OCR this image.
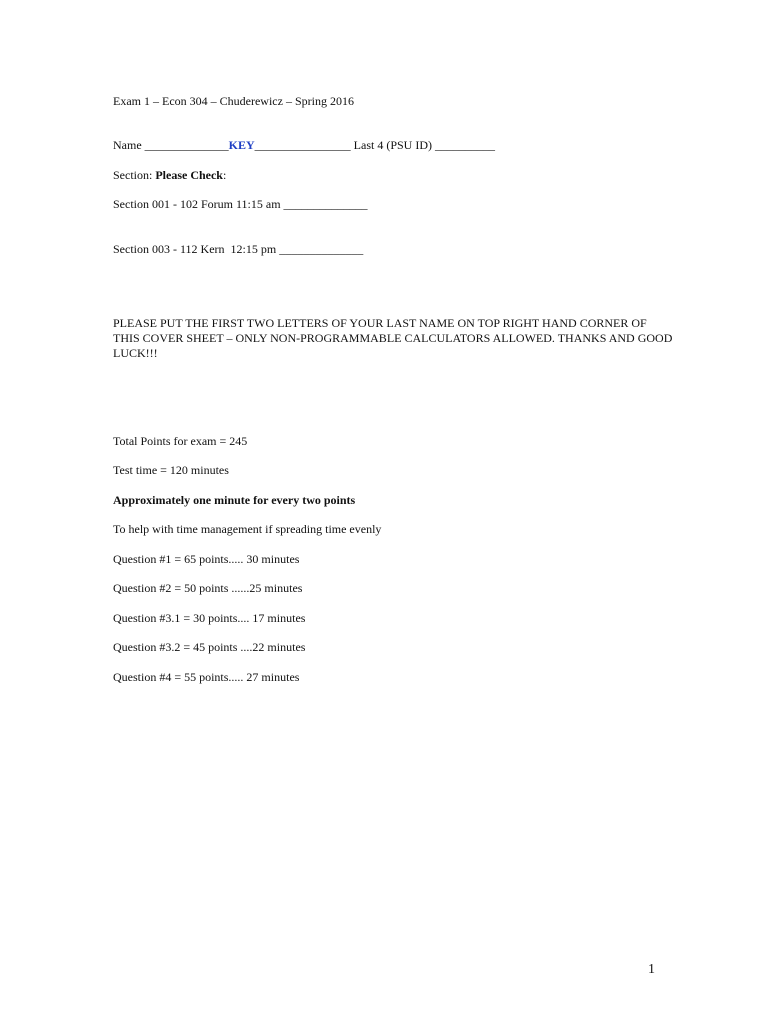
Exam 1 – Econ 304 – Chuderewicz – Spring 2016
Name ______________KEY________________ Last 4 (PSU ID) __________
Section: Please Check:
Section 001 - 102 Forum 11:15 am ______________
Section 003 - 112 Kern  12:15 pm ______________
PLEASE PUT THE FIRST TWO LETTERS OF YOUR LAST NAME ON TOP RIGHT HAND CORNER OF THIS COVER SHEET – ONLY NON-PROGRAMMABLE CALCULATORS ALLOWED. THANKS AND GOOD LUCK!!!
Total Points for exam = 245
Test time = 120 minutes
Approximately one minute for every two points
To help with time management if spreading time evenly
Question #1 = 65 points..... 30 minutes
Question #2 = 50 points ......25 minutes
Question #3.1 = 30 points.... 17 minutes
Question #3.2 = 45 points ....22 minutes
Question #4 = 55 points..... 27 minutes
1
